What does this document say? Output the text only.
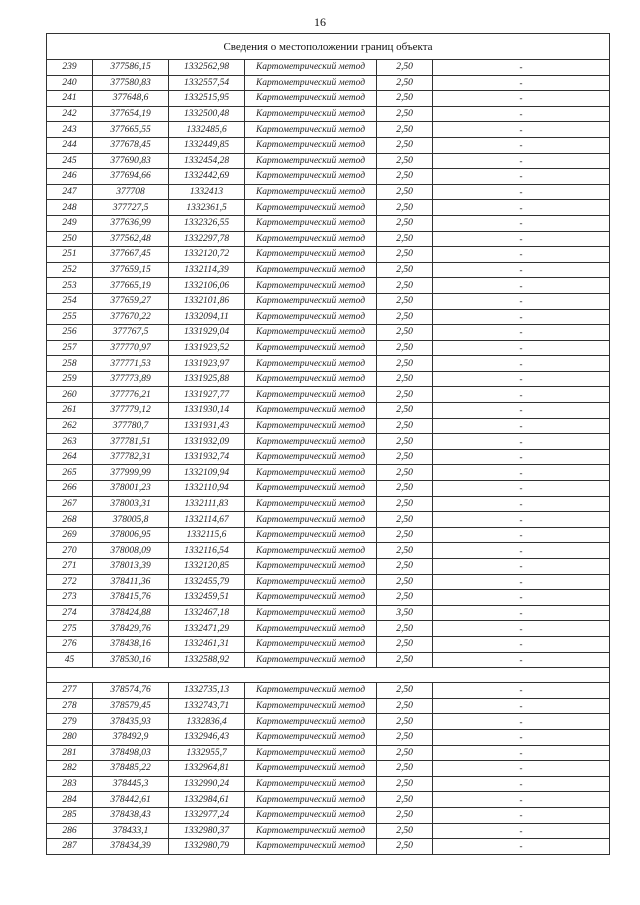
16
Сведения о местоположении границ объекта					
239	377586,15	1332562,98	Картометрический метод	2,50	-
240	377580,83	1332557,54	Картометрический метод	2,50	-
241	377648,6	1332515,95	Картометрический метод	2,50	-
242	377654,19	1332500,48	Картометрический метод	2,50	-
243	377665,55	1332485,6	Картометрический метод	2,50	-
244	377678,45	1332449,85	Картометрический метод	2,50	-
245	377690,83	1332454,28	Картометрический метод	2,50	-
246	377694,66	1332442,69	Картометрический метод	2,50	-
247	377708	1332413	Картометрический метод	2,50	-
248	377727,5	1332361,5	Картометрический метод	2,50	-
249	377636,99	1332326,55	Картометрический метод	2,50	-
250	377562,48	1332297,78	Картометрический метод	2,50	-
251	377667,45	1332120,72	Картометрический метод	2,50	-
252	377659,15	1332114,39	Картометрический метод	2,50	-
253	377665,19	1332106,06	Картометрический метод	2,50	-
254	377659,27	1332101,86	Картометрический метод	2,50	-
255	377670,22	1332094,11	Картометрический метод	2,50	-
256	377767,5	1331929,04	Картометрический метод	2,50	-
257	377770,97	1331923,52	Картометрический метод	2,50	-
258	377771,53	1331923,97	Картометрический метод	2,50	-
259	377773,89	1331925,88	Картометрический метод	2,50	-
260	377776,21	1331927,77	Картометрический метод	2,50	-
261	377779,12	1331930,14	Картометрический метод	2,50	-
262	377780,7	1331931,43	Картометрический метод	2,50	-
263	377781,51	1331932,09	Картометрический метод	2,50	-
264	377782,31	1331932,74	Картометрический метод	2,50	-
265	377999,99	1332109,94	Картометрический метод	2,50	-
266	378001,23	1332110,94	Картометрический метод	2,50	-
267	378003,31	1332111,83	Картометрический метод	2,50	-
268	378005,8	1332114,67	Картометрический метод	2,50	-
269	378006,95	1332115,6	Картометрический метод	2,50	-
270	378008,09	1332116,54	Картометрический метод	2,50	-
271	378013,39	1332120,85	Картометрический метод	2,50	-
272	378411,36	1332455,79	Картометрический метод	2,50	-
273	378415,76	1332459,51	Картометрический метод	2,50	-
274	378424,88	1332467,18	Картометрический метод	3,50	-
275	378429,76	1332471,29	Картометрический метод	2,50	-
276	378438,16	1332461,31	Картометрический метод	2,50	-
45	378530,16	1332588,92	Картометрический метод	2,50	-

277	378574,76	1332735,13	Картометрический метод	2,50	-
278	378579,45	1332743,71	Картометрический метод	2,50	-
279	378435,93	1332836,4	Картометрический метод	2,50	-
280	378492,9	1332946,43	Картометрический метод	2,50	-
281	378498,03	1332955,7	Картометрический метод	2,50	-
282	378485,22	1332964,81	Картометрический метод	2,50	-
283	378445,3	1332990,24	Картометрический метод	2,50	-
284	378442,61	1332984,61	Картометрический метод	2,50	-
285	378438,43	1332977,24	Картометрический метод	2,50	-
286	378433,1	1332980,37	Картометрический метод	2,50	-
287	378434,39	1332980,79	Картометрический метод	2,50	-
